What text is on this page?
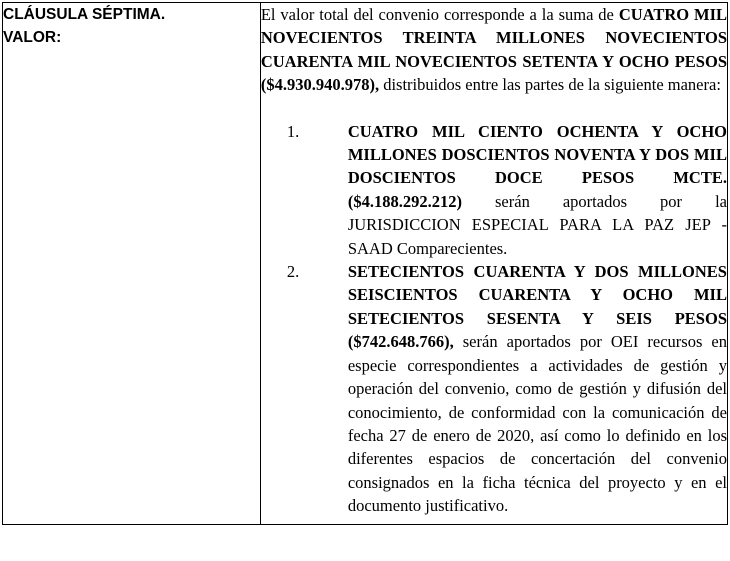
CLÁUSULA SÉPTIMA.
VALOR:

El valor total del convenio corresponde a la suma de CUATRO MIL NOVECIENTOS TREINTA MILLONES NOVECIENTOS CUARENTA MIL NOVECIENTOS SETENTA Y OCHO PESOS ($4.930.940.978), distribuidos entre las partes de la siguiente manera:

1.	CUATRO MIL CIENTO OCHENTA Y OCHO MILLONES DOSCIENTOS NOVENTA Y DOS MIL DOSCIENTOS DOCE PESOS MCTE. ($4.188.292.212) serán aportados por la JURISDICCION ESPECIAL PARA LA PAZ JEP - SAAD Comparecientes.
2.	SETECIENTOS CUARENTA Y DOS MILLONES SEISCIENTOS CUARENTA Y OCHO MIL SETECIENTOS SESENTA Y SEIS PESOS ($742.648.766), serán aportados por OEI recursos en especie correspondientes a actividades de gestión y operación del convenio, como de gestión y difusión del conocimiento, de conformidad con la comunicación de fecha 27 de enero de 2020, así como lo definido en los diferentes espacios de concertación del convenio consignados en la ficha técnica del proyecto y en el documento justificativo.
